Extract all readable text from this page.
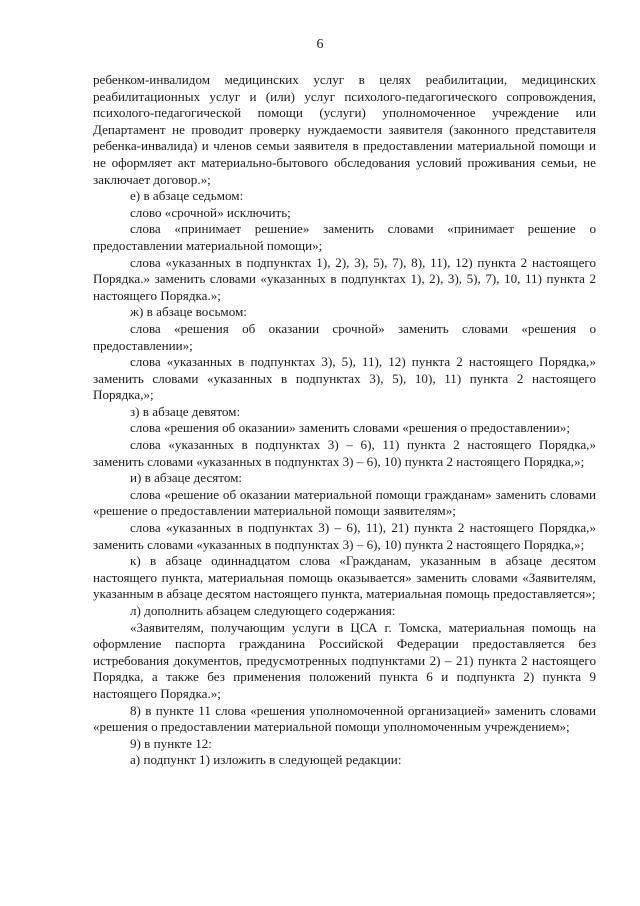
6

ребенком-инвалидом медицинских услуг в целях реабилитации, медицинских реабилитационных услуг и (или) услуг психолого-педагогического сопровождения, психолого-педагогической помощи (услуги) уполномоченное учреждение или Департамент не проводит проверку нуждаемости заявителя (законного представителя ребенка-инвалида) и членов семьи заявителя в предоставлении материальной помощи и не оформляет акт материально-бытового обследования условий проживания семьи, не заключает договор.»;

е) в абзаце седьмом:

слово «срочной» исключить;

слова «принимает решение» заменить словами «принимает решение о предоставлении материальной помощи»;

слова «указанных в подпунктах 1), 2), 3), 5), 7), 8), 11), 12) пункта 2 настоящего Порядка.» заменить словами «указанных в подпунктах 1), 2), 3), 5), 7), 10, 11) пункта 2 настоящего Порядка.»;

ж) в абзаце восьмом:

слова «решения об оказании срочной» заменить словами «решения о предоставлении»;

слова «указанных в подпунктах 3), 5), 11), 12) пункта 2 настоящего Порядка,» заменить словами «указанных в подпунктах 3), 5), 10), 11) пункта 2 настоящего Порядка,»;

з) в абзаце девятом:

слова «решения об оказании» заменить словами «решения о предоставлении»;

слова «указанных в подпунктах 3) – 6), 11) пункта 2 настоящего Порядка,» заменить словами «указанных в подпунктах 3) – 6), 10) пункта 2 настоящего Порядка,»;

и) в абзаце десятом:

слова «решение об оказании материальной помощи гражданам» заменить словами «решение о предоставлении материальной помощи заявителям»;

слова «указанных в подпунктах 3) – 6), 11), 21) пункта 2 настоящего Порядка,» заменить словами «указанных в подпунктах 3) – 6), 10) пункта 2 настоящего Порядка,»;

к) в абзаце одиннадцатом слова «Гражданам, указанным в абзаце десятом настоящего пункта, материальная помощь оказывается» заменить словами «Заявителям, указанным в абзаце десятом настоящего пункта, материальная помощь предоставляется»;

л) дополнить абзацем следующего содержания:

«Заявителям, получающим услуги в ЦСА г. Томска, материальная помощь на оформление паспорта гражданина Российской Федерации предоставляется без истребования документов, предусмотренных подпунктами 2) – 21) пункта 2 настоящего Порядка, а также без применения положений пункта 6 и подпункта 2) пункта 9 настоящего Порядка.»;

8) в пункте 11 слова «решения уполномоченной организацией» заменить словами «решения о предоставлении материальной помощи уполномоченным учреждением»;

9) в пункте 12:

а) подпункт 1) изложить в следующей редакции:
